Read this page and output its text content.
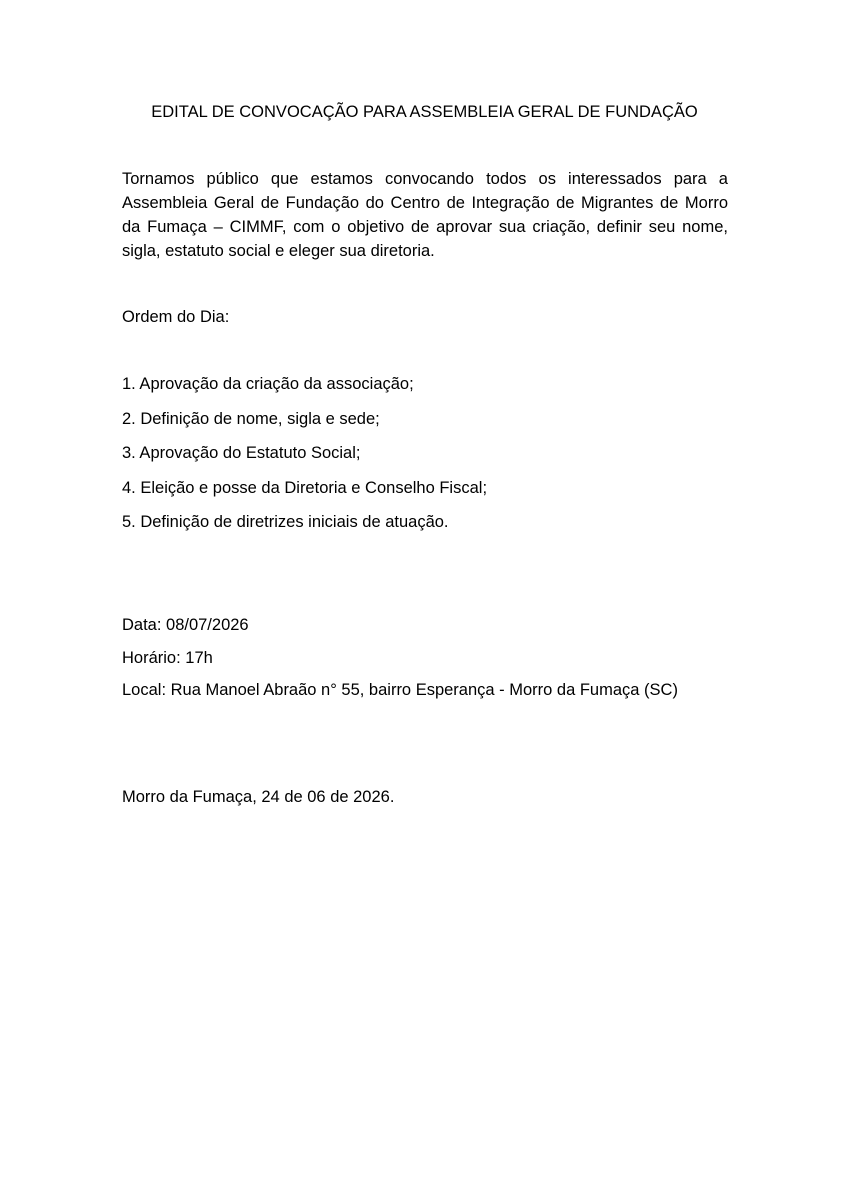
EDITAL DE CONVOCAÇÃO PARA ASSEMBLEIA GERAL DE FUNDAÇÃO

Tornamos público que estamos convocando todos os interessados para a Assembleia Geral de Fundação do Centro de Integração de Migrantes de Morro da Fumaça – CIMMF, com o objetivo de aprovar sua criação, definir seu nome, sigla, estatuto social e eleger sua diretoria.

Ordem do Dia:

1. Aprovação da criação da associação;
2. Definição de nome, sigla e sede;
3. Aprovação do Estatuto Social;
4. Eleição e posse da Diretoria e Conselho Fiscal;
5. Definição de diretrizes iniciais de atuação.
Data: 08/07/2026
Horário: 17h
Local: Rua Manoel Abraão n° 55, bairro Esperança - Morro da Fumaça (SC)

Morro da Fumaça, 24 de 06 de 2026.
